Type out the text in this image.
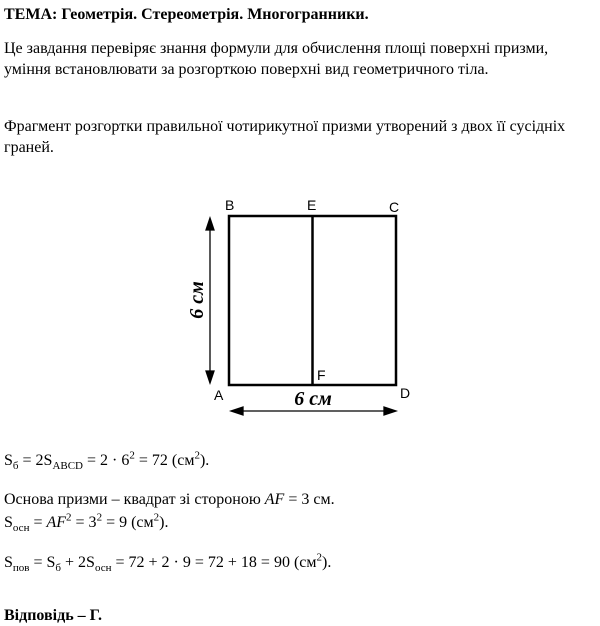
ТЕМА: Геометрія. Стереометрія. Многогранники.

Це завдання перевіряє знання формули для обчислення площі поверхні призми, уміння встановлювати за розгорткою поверхні вид геометричного тіла.

Фрагмент розгортки правильної чотирикутної призми утворений з двох її сусідніх граней.

B	E	C
F
A	D
6 см
6 см

$S_б = 2S_{ABCD} = 2 \cdot 6^2 = 72$ $(см^2)$.

Основа призми – квадрат зі стороною AF = 3 см.

$S_{осн} = AF^2 = 3^2 = 9$ $(см^2)$.

$S_{пов} = S_б + 2S_{осн} = 72 + 2 \cdot 9 = 72 + 18 = 90$ $(см^2)$.

Відповідь – Г.
